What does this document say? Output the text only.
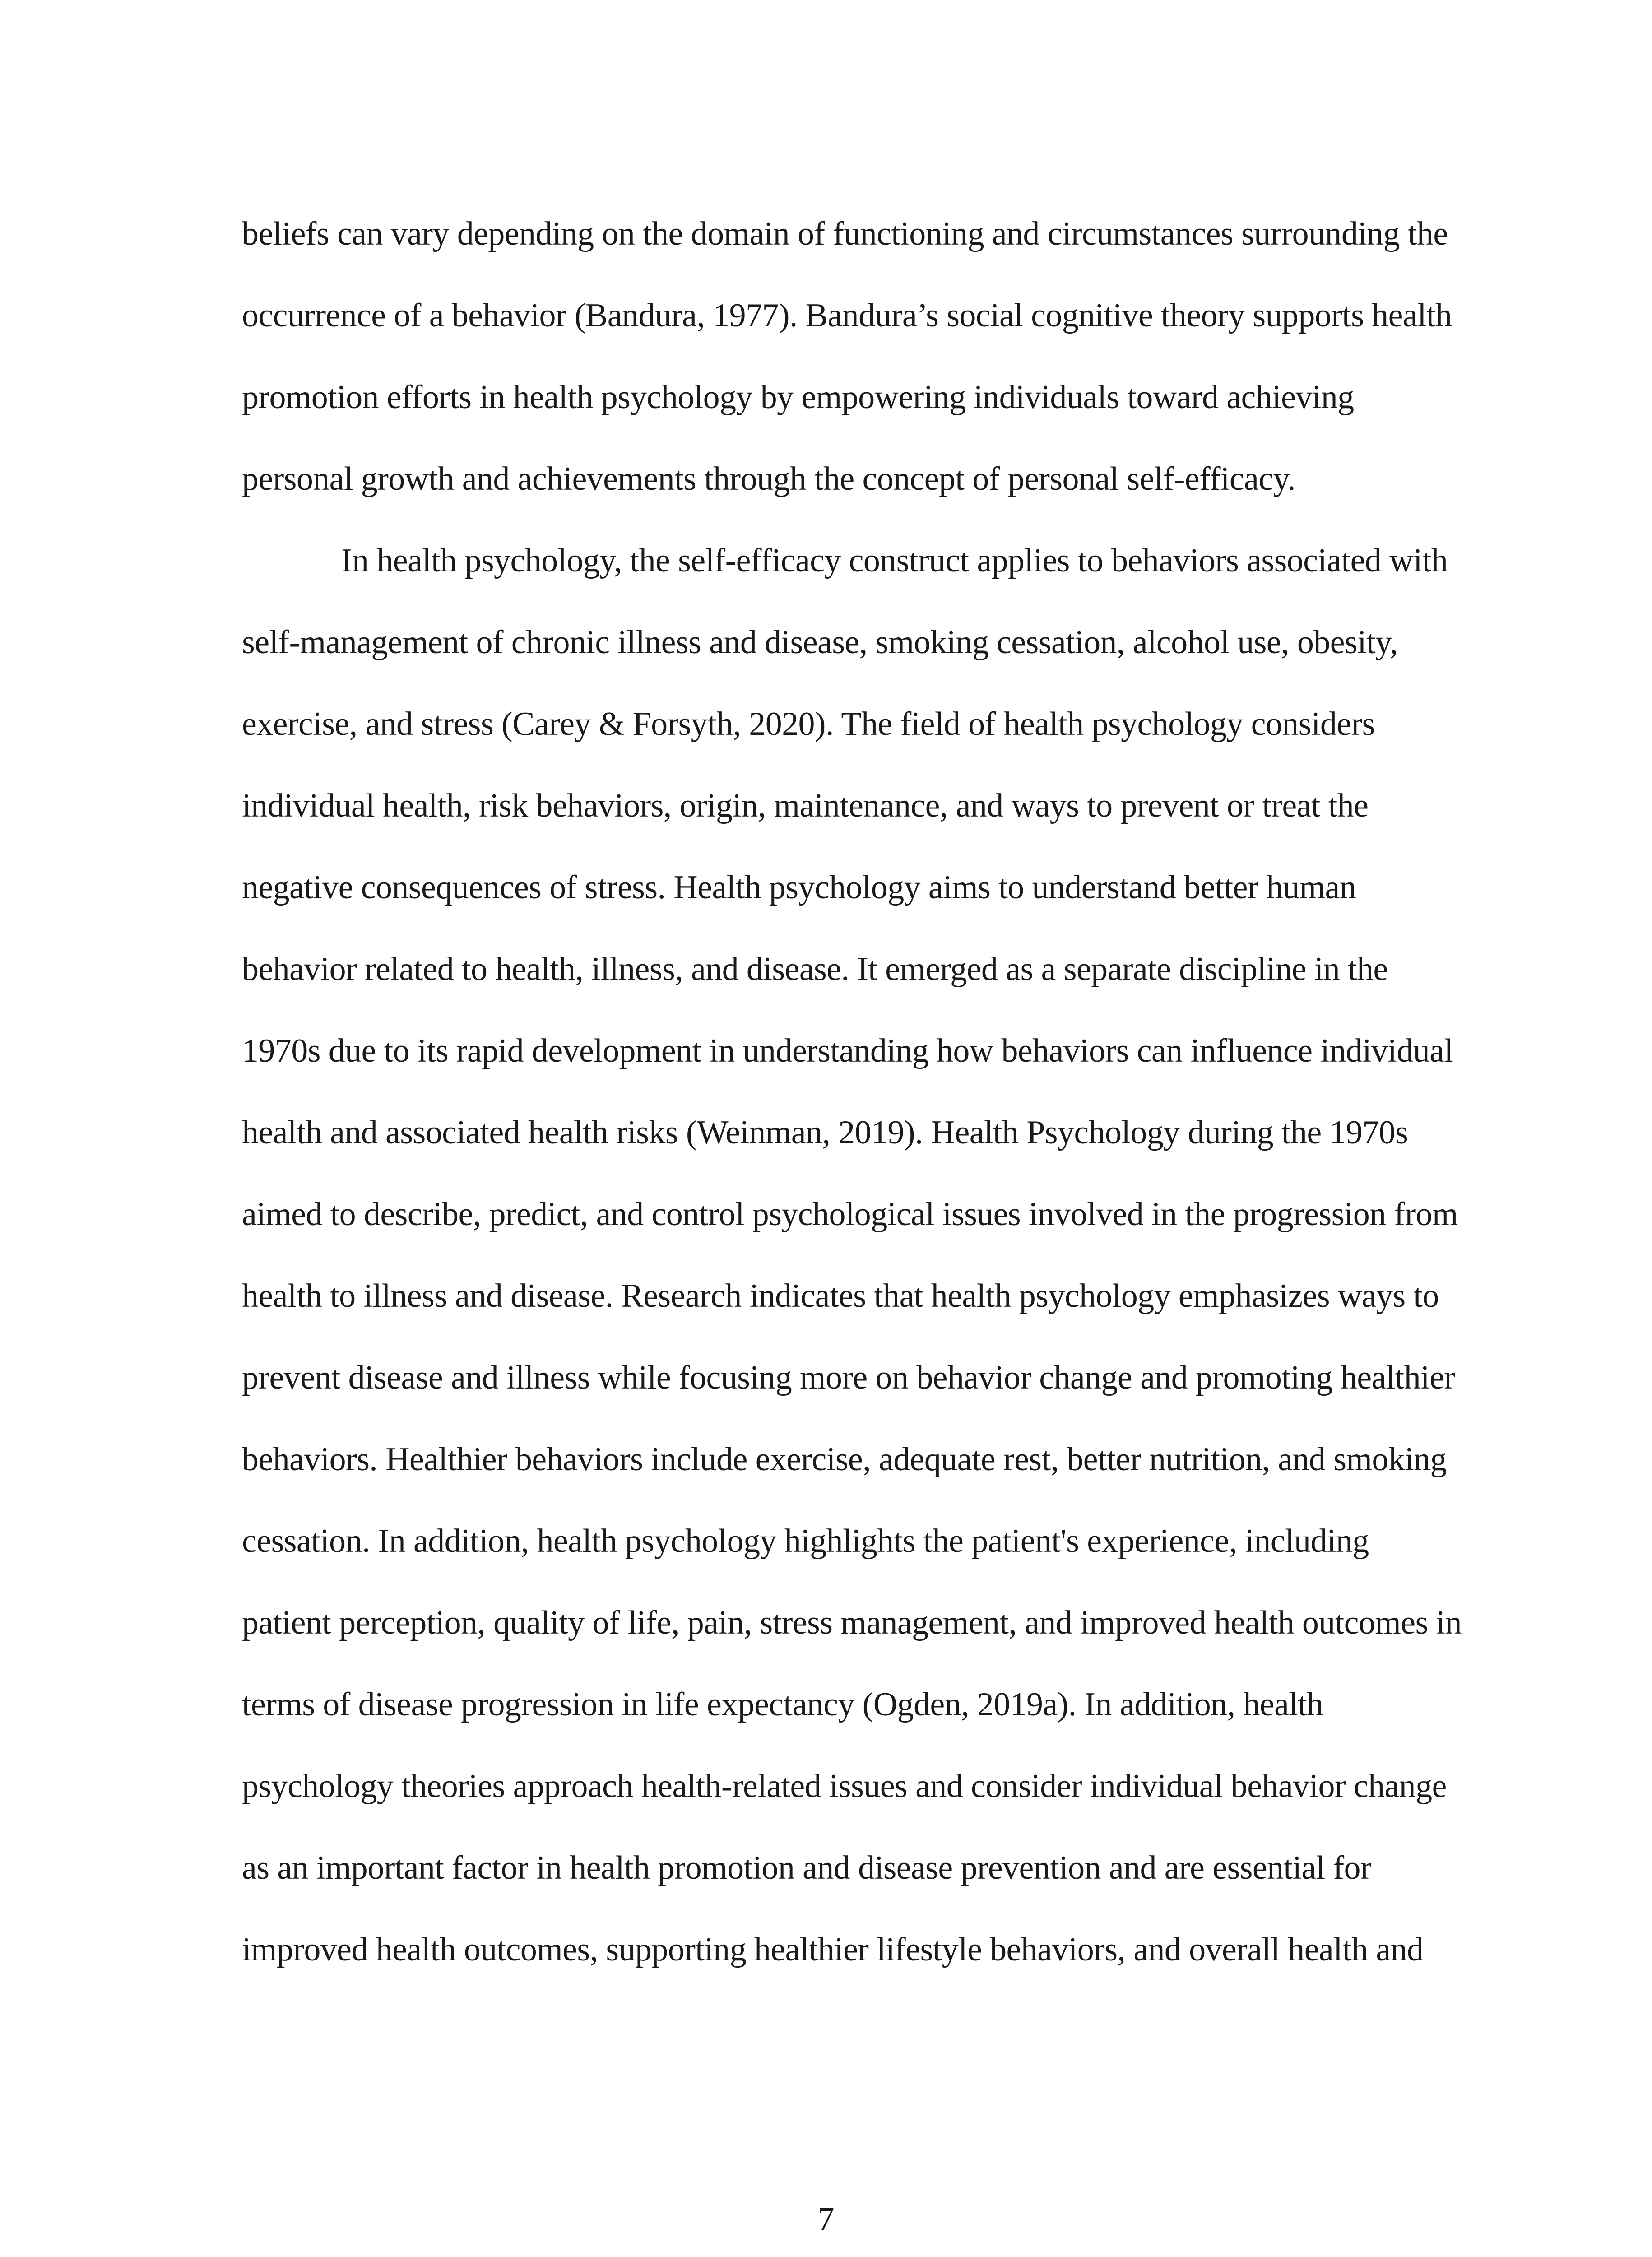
beliefs can vary depending on the domain of functioning and circumstances surrounding the
occurrence of a behavior (Bandura, 1977). Bandura’s social cognitive theory supports health
promotion efforts in health psychology by empowering individuals toward achieving
personal growth and achievements through the concept of personal self-efficacy.
In health psychology, the self-efficacy construct applies to behaviors associated with
self-management of chronic illness and disease, smoking cessation, alcohol use, obesity,
exercise, and stress (Carey & Forsyth, 2020). The field of health psychology considers
individual health, risk behaviors, origin, maintenance, and ways to prevent or treat the
negative consequences of stress. Health psychology aims to understand better human
behavior related to health, illness, and disease. It emerged as a separate discipline in the
1970s due to its rapid development in understanding how behaviors can influence individual
health and associated health risks (Weinman, 2019). Health Psychology during the 1970s
aimed to describe, predict, and control psychological issues involved in the progression from
health to illness and disease. Research indicates that health psychology emphasizes ways to
prevent disease and illness while focusing more on behavior change and promoting healthier
behaviors. Healthier behaviors include exercise, adequate rest, better nutrition, and smoking
cessation. In addition, health psychology highlights the patient's experience, including
patient perception, quality of life, pain, stress management, and improved health outcomes in
terms of disease progression in life expectancy (Ogden, 2019a). In addition, health
psychology theories approach health-related issues and consider individual behavior change
as an important factor in health promotion and disease prevention and are essential for
improved health outcomes, supporting healthier lifestyle behaviors, and overall health and
7
